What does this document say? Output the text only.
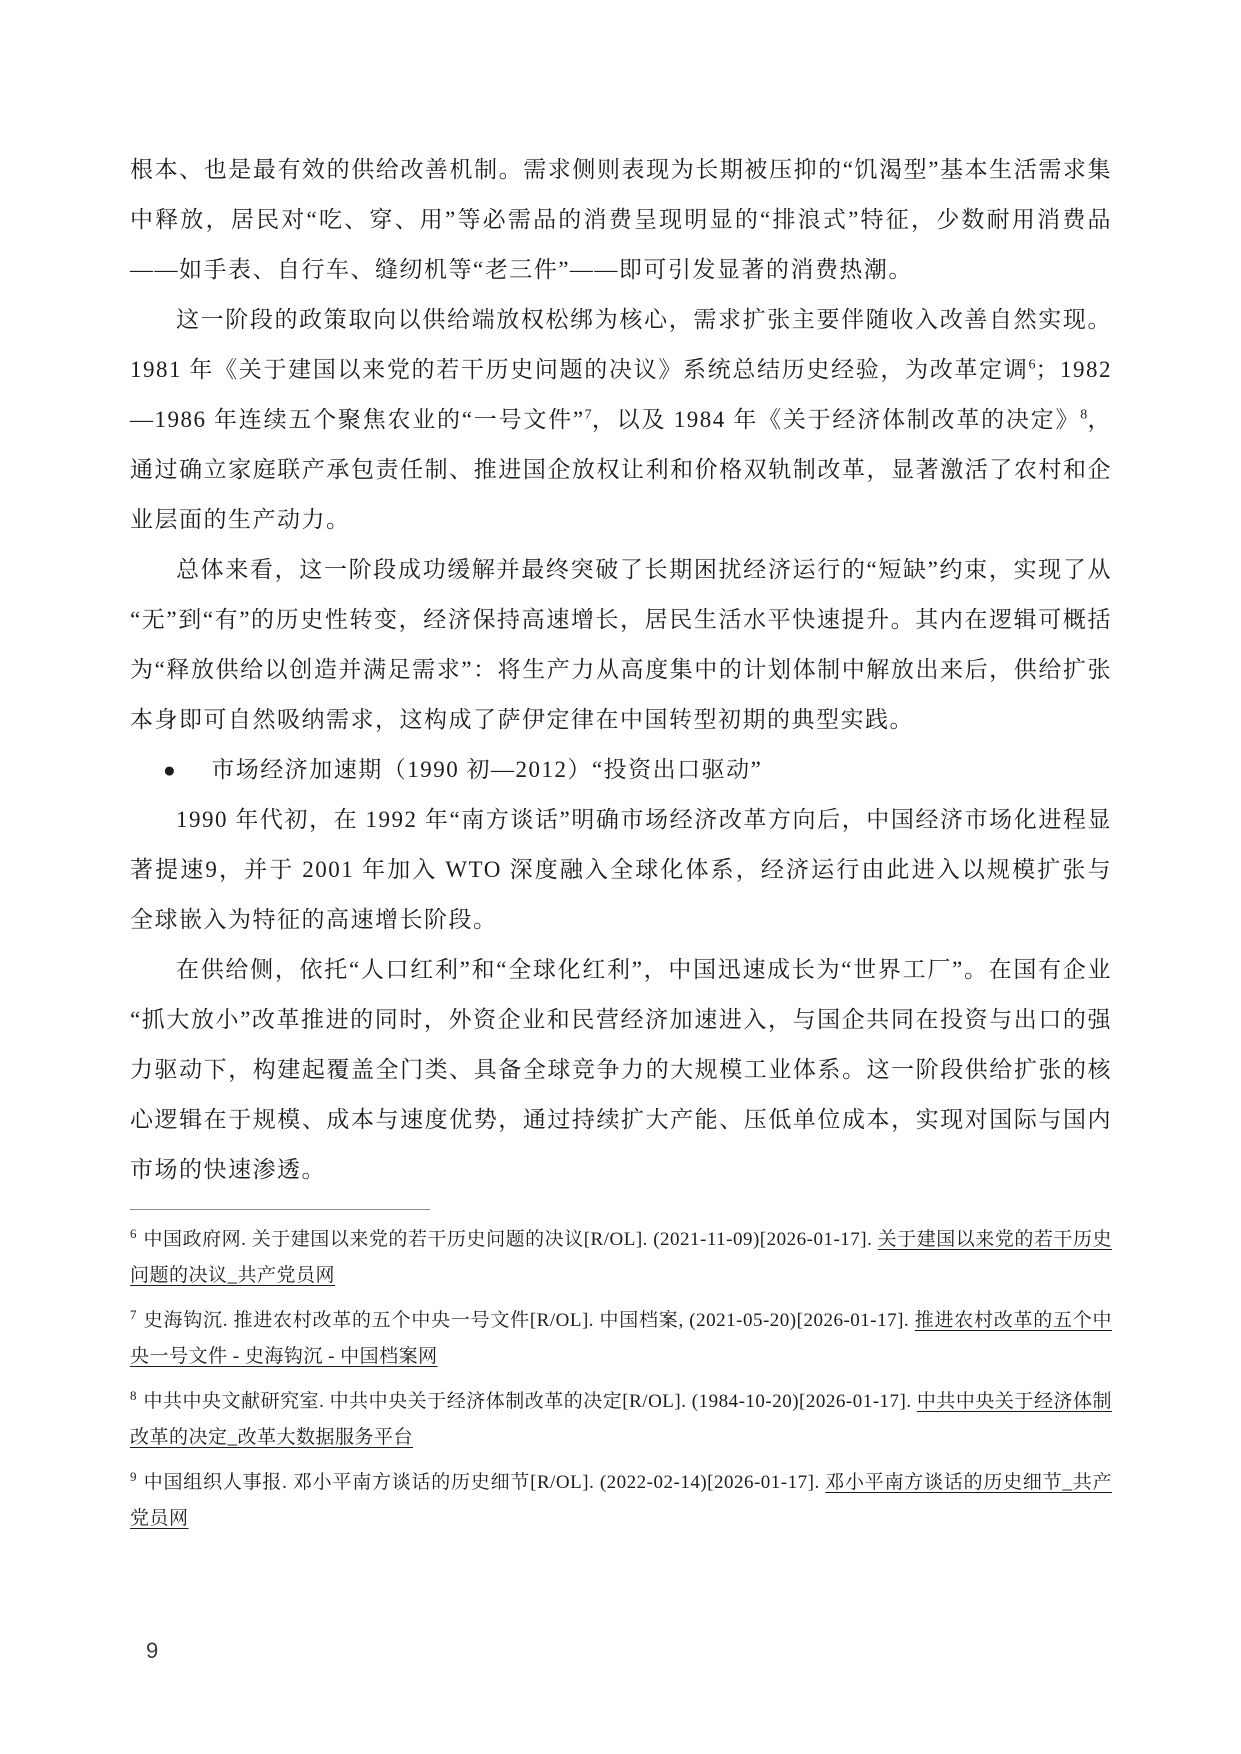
根本、也是最有效的供给改善机制。需求侧则表现为长期被压抑的“饥渴型”基本生活需求集中释放，居民对“吃、穿、用”等必需品的消费呈现明显的“排浪式”特征，少数耐用消费品——如手表、自行车、缝纫机等“老三件”——即可引发显著的消费热潮。

这一阶段的政策取向以供给端放权松绑为核心，需求扩张主要伴随收入改善自然实现。1981 年《关于建国以来党的若干历史问题的决议》系统总结历史经验，为改革定调$^6$；1982—1986 年连续五个聚焦农业的“一号文件”$^7$，以及 1984 年《关于经济体制改革的决定》$^8$，通过确立家庭联产承包责任制、推进国企放权让利和价格双轨制改革，显著激活了农村和企业层面的生产动力。

总体来看，这一阶段成功缓解并最终突破了长期困扰经济运行的“短缺”约束，实现了从“无”到“有”的历史性转变，经济保持高速增长，居民生活水平快速提升。其内在逻辑可概括为“释放供给以创造并满足需求”：将生产力从高度集中的计划体制中解放出来后，供给扩张本身即可自然吸纳需求，这构成了萨伊定律在中国转型初期的典型实践。

● 市场经济加速期（1990 初—2012）“投资出口驱动”

1990 年代初，在 1992 年“南方谈话”明确市场经济改革方向后，中国经济市场化进程显著提速9，并于 2001 年加入 WTO 深度融入全球化体系，经济运行由此进入以规模扩张与全球嵌入为特征的高速增长阶段。

在供给侧，依托“人口红利”和“全球化红利”，中国迅速成长为“世界工厂”。在国有企业“抓大放小”改革推进的同时，外资企业和民营经济加速进入，与国企共同在投资与出口的强力驱动下，构建起覆盖全门类、具备全球竞争力的大规模工业体系。这一阶段供给扩张的核心逻辑在于规模、成本与速度优势，通过持续扩大产能、压低单位成本，实现对国际与国内市场的快速渗透。

$^6$ 中国政府网. 关于建国以来党的若干历史问题的决议[R/OL]. (2021-11-09)[2026-01-17]. 关于建国以来党的若干历史问题的决议_共产党员网

$^7$ 史海钩沉. 推进农村改革的五个中央一号文件[R/OL]. 中国档案, (2021-05-20)[2026-01-17]. 推进农村改革的五个中央一号文件 - 史海钩沉 - 中国档案网

$^8$ 中共中央文献研究室. 中共中央关于经济体制改革的决定[R/OL]. (1984-10-20)[2026-01-17]. 中共中央关于经济体制改革的决定_改革大数据服务平台

$^9$ 中国组织人事报. 邓小平南方谈话的历史细节[R/OL]. (2022-02-14)[2026-01-17]. 邓小平南方谈话的历史细节_共产党员网

9
